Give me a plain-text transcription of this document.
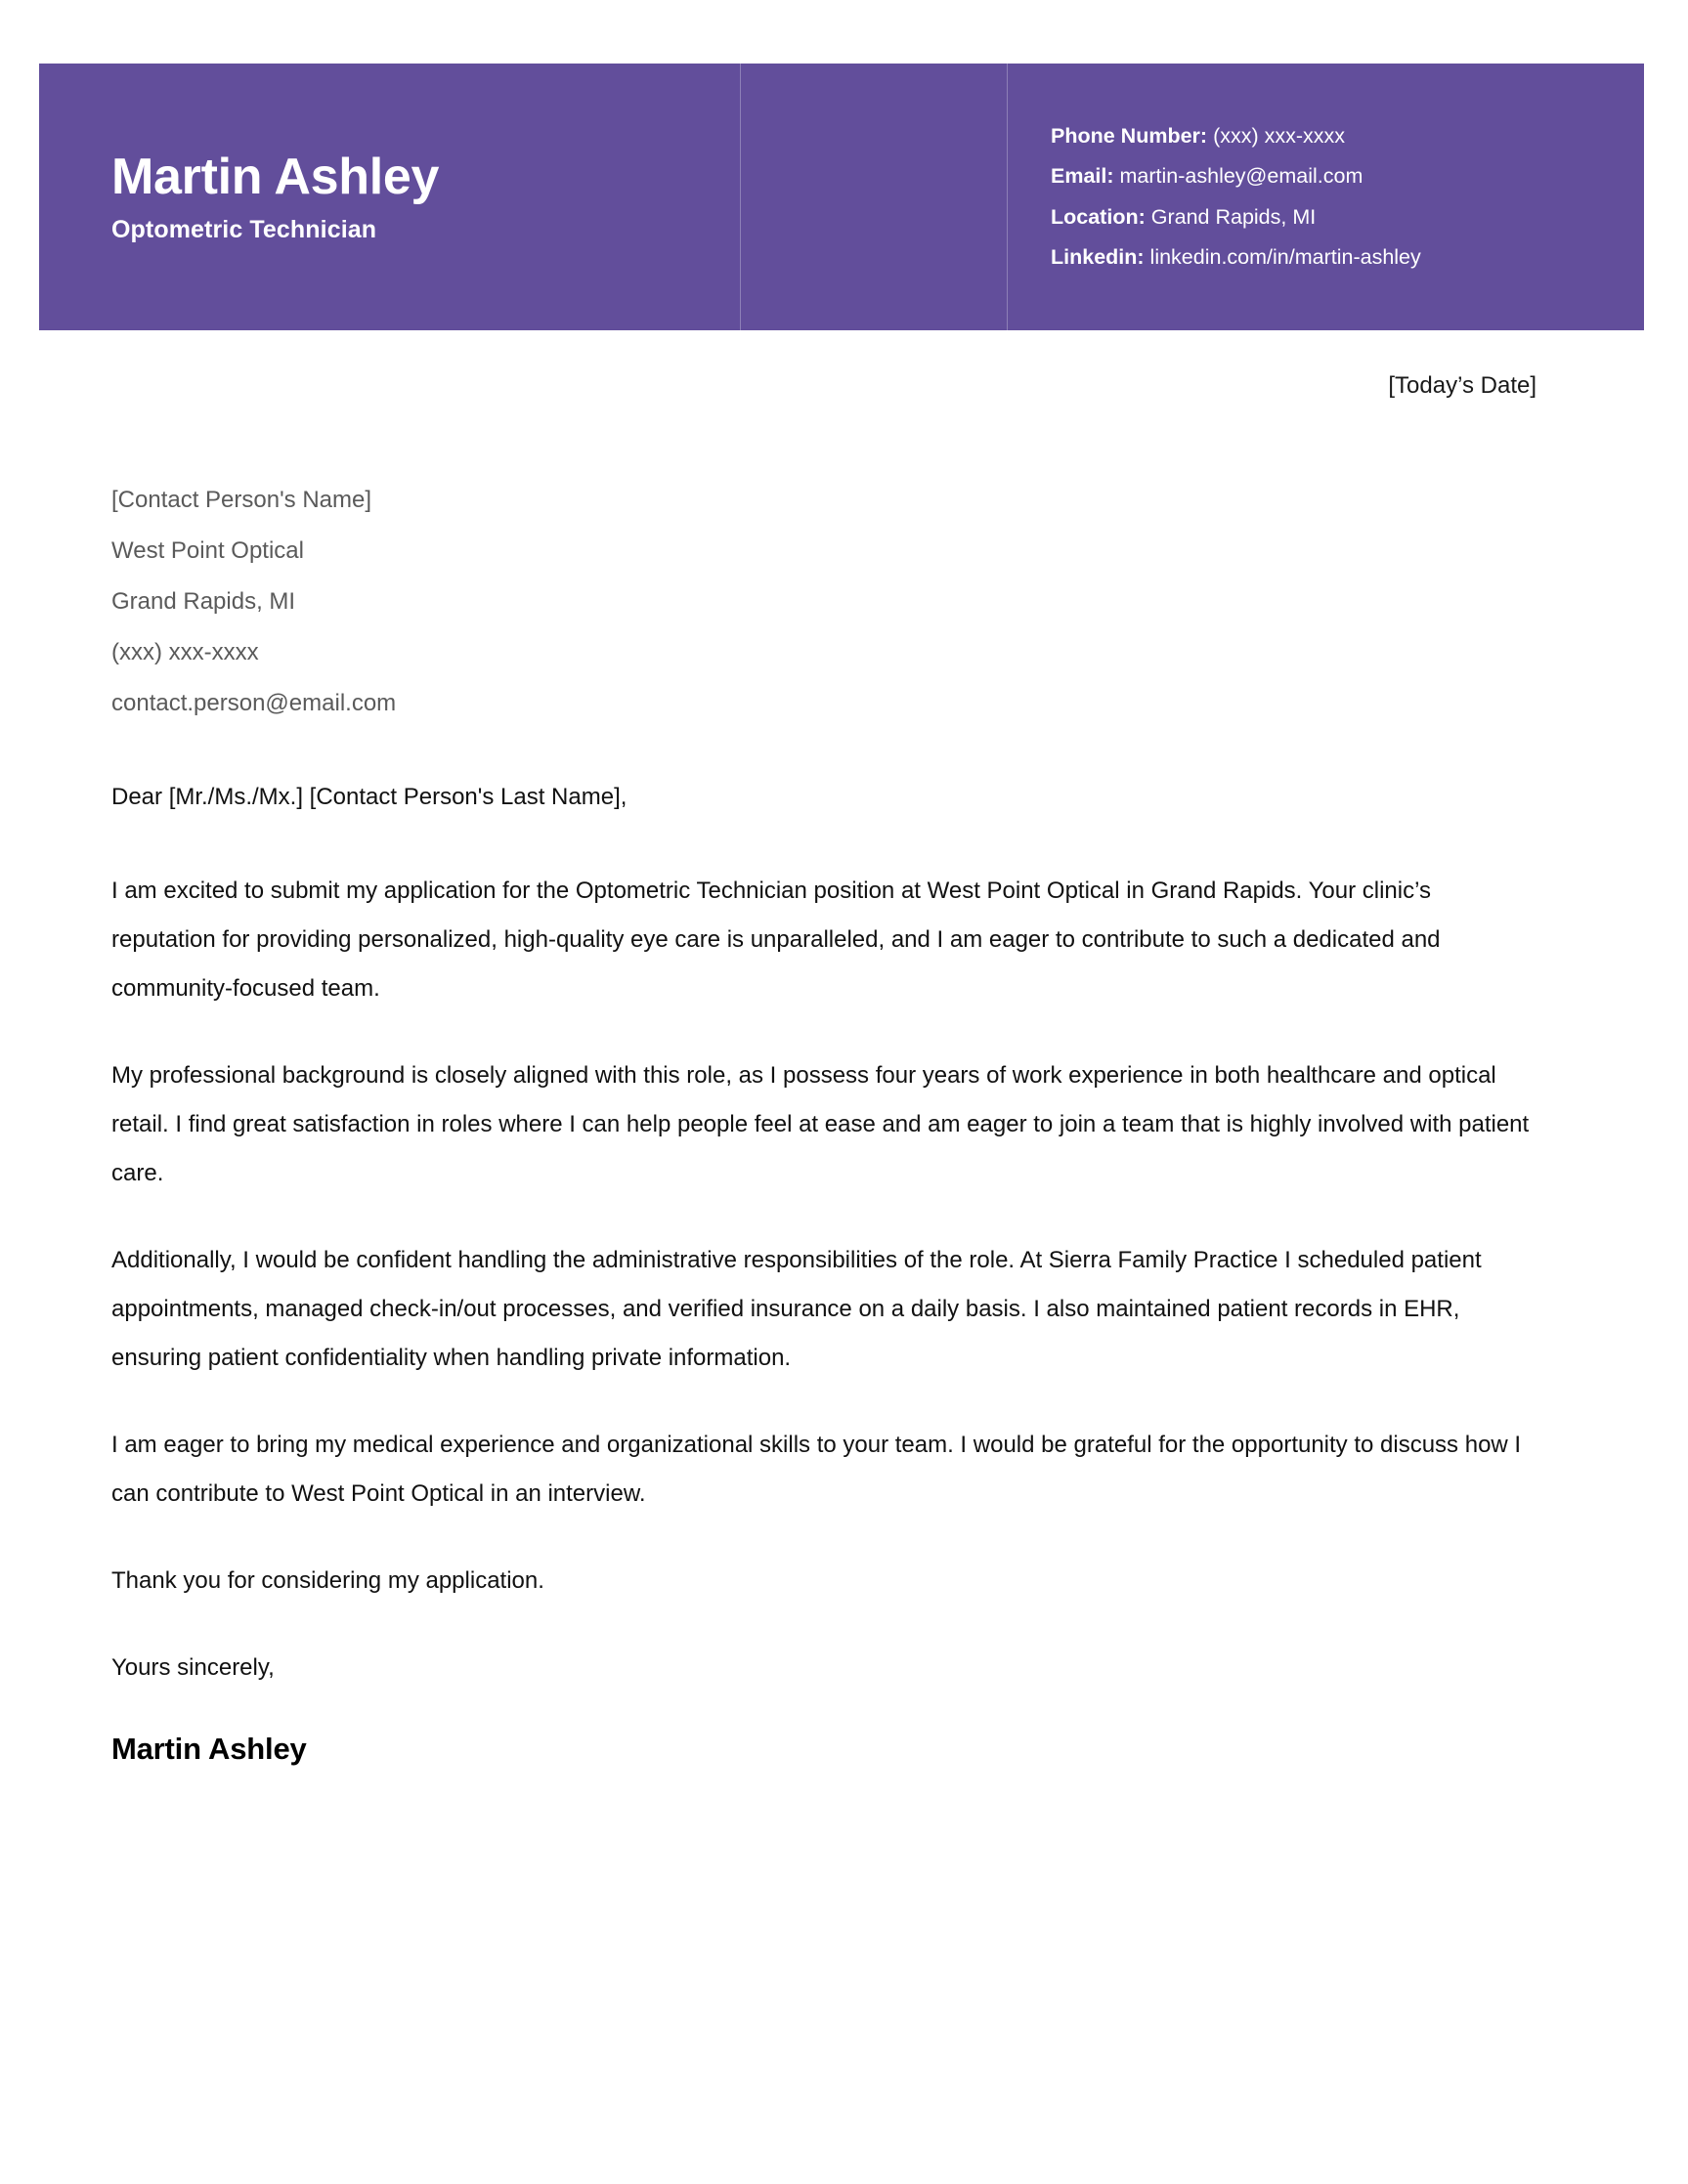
Martin Ashley
Optometric Technician
Phone Number: (xxx) xxx-xxxx
Email: martin-ashley@email.com
Location: Grand Rapids, MI
Linkedin: linkedin.com/in/martin-ashley
[Today’s Date]
[Contact Person's Name]
West Point Optical
Grand Rapids, MI
(xxx) xxx-xxxx
contact.person@email.com

Dear [Mr./Ms./Mx.] [Contact Person's Last Name],

I am excited to submit my application for the Optometric Technician position at West Point Optical in Grand Rapids. Your clinic’s reputation for providing personalized, high-quality eye care is unparalleled, and I am eager to contribute to such a dedicated and community-focused team.

My professional background is closely aligned with this role, as I possess four years of work experience in both healthcare and optical retail. I find great satisfaction in roles where I can help people feel at ease and am eager to join a team that is highly involved with patient care.

Additionally, I would be confident handling the administrative responsibilities of the role. At Sierra Family Practice I scheduled patient appointments, managed check-in/out processes, and verified insurance on a daily basis. I also maintained patient records in EHR, ensuring patient confidentiality when handling private information.

I am eager to bring my medical experience and organizational skills to your team. I would be grateful for the opportunity to discuss how I can contribute to West Point Optical in an interview.

Thank you for considering my application.

Yours sincerely,

Martin Ashley
